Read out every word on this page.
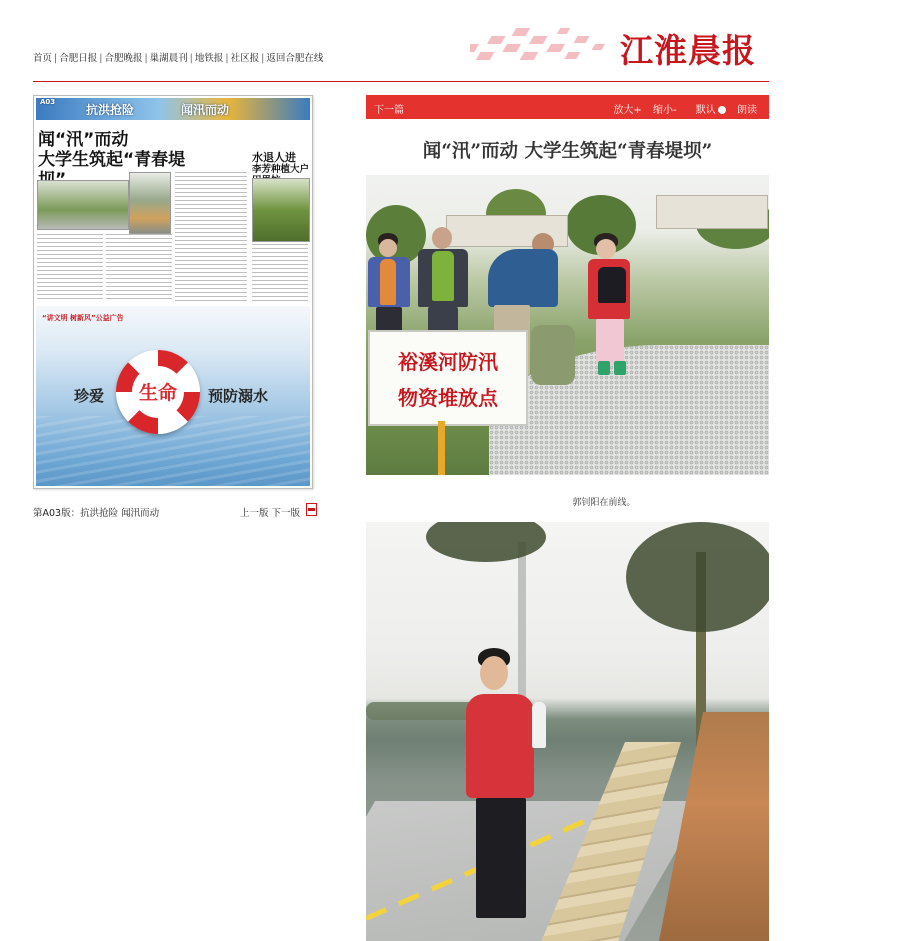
首页 | 合肥日报 | 合肥晚报 | 巢湖晨刊 | 地铁报 | 社区报 | 返回合肥在线	江淮晨报
A03
抗洪抢险	闻汛而动
闻“汛”而动
大学生筑起“青春堤	水退人进
李芳种植大户
“讲文明 树新风”公益广告
生命
珍爱	预防溺水
第A03版：抗洪抢险 闻汛而动	上一版 下一版
下一篇	放大+ 缩小- 默认 朗读
闻“汛”而动 大学生筑起“青春堤坝”
裕溪河防汛
物资堆放点
郭钊阳在前线。
